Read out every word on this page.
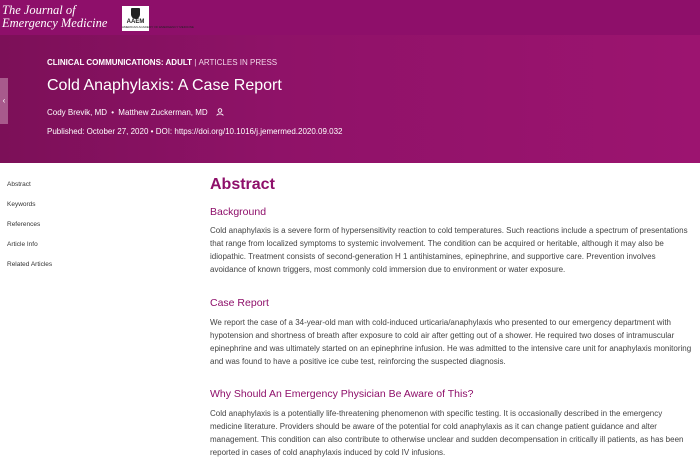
The Journal of
Emergency Medicine	AAEM
AMERICAN ACADEMY OF EMERGENCY MEDICINE
‹
CLINICAL COMMUNICATIONS: ADULT | ARTICLES IN PRESS
Cold Anaphylaxis: A Case Report
Cody Brevik, MD • Matthew Zuckerman, MD
Published: October 27, 2020 • DOI: https://doi.org/10.1016/j.jemermed.2020.09.032
Abstract
Keywords
References
Article Info
Related Articles
Abstract
Background

Cold anaphylaxis is a severe form of hypersensitivity reaction to cold temperatures. Such reactions include a spectrum of presentations that range from localized symptoms to systemic involvement. The condition can be acquired or heritable, although it may also be idiopathic. Treatment consists of second-generation H 1 antihistamines, epinephrine, and supportive care. Prevention involves avoidance of known triggers, most commonly cold immersion due to environment or water exposure.

Case Report

We report the case of a 34-year-old man with cold-induced urticaria/anaphylaxis who presented to our emergency department with hypotension and shortness of breath after exposure to cold air after getting out of a shower. He required two doses of intramuscular epinephrine and was ultimately started on an epinephrine infusion. He was admitted to the intensive care unit for anaphylaxis monitoring and was found to have a positive ice cube test, reinforcing the suspected diagnosis.

Why Should An Emergency Physician Be Aware of This?

Cold anaphylaxis is a potentially life-threatening phenomenon with specific testing. It is occasionally described in the emergency medicine literature. Providers should be aware of the potential for cold anaphylaxis as it can change patient guidance and alter management. This condition can also contribute to otherwise unclear and sudden decompensation in critically ill patients, as has been reported in cases of cold anaphylaxis induced by cold IV infusions.
